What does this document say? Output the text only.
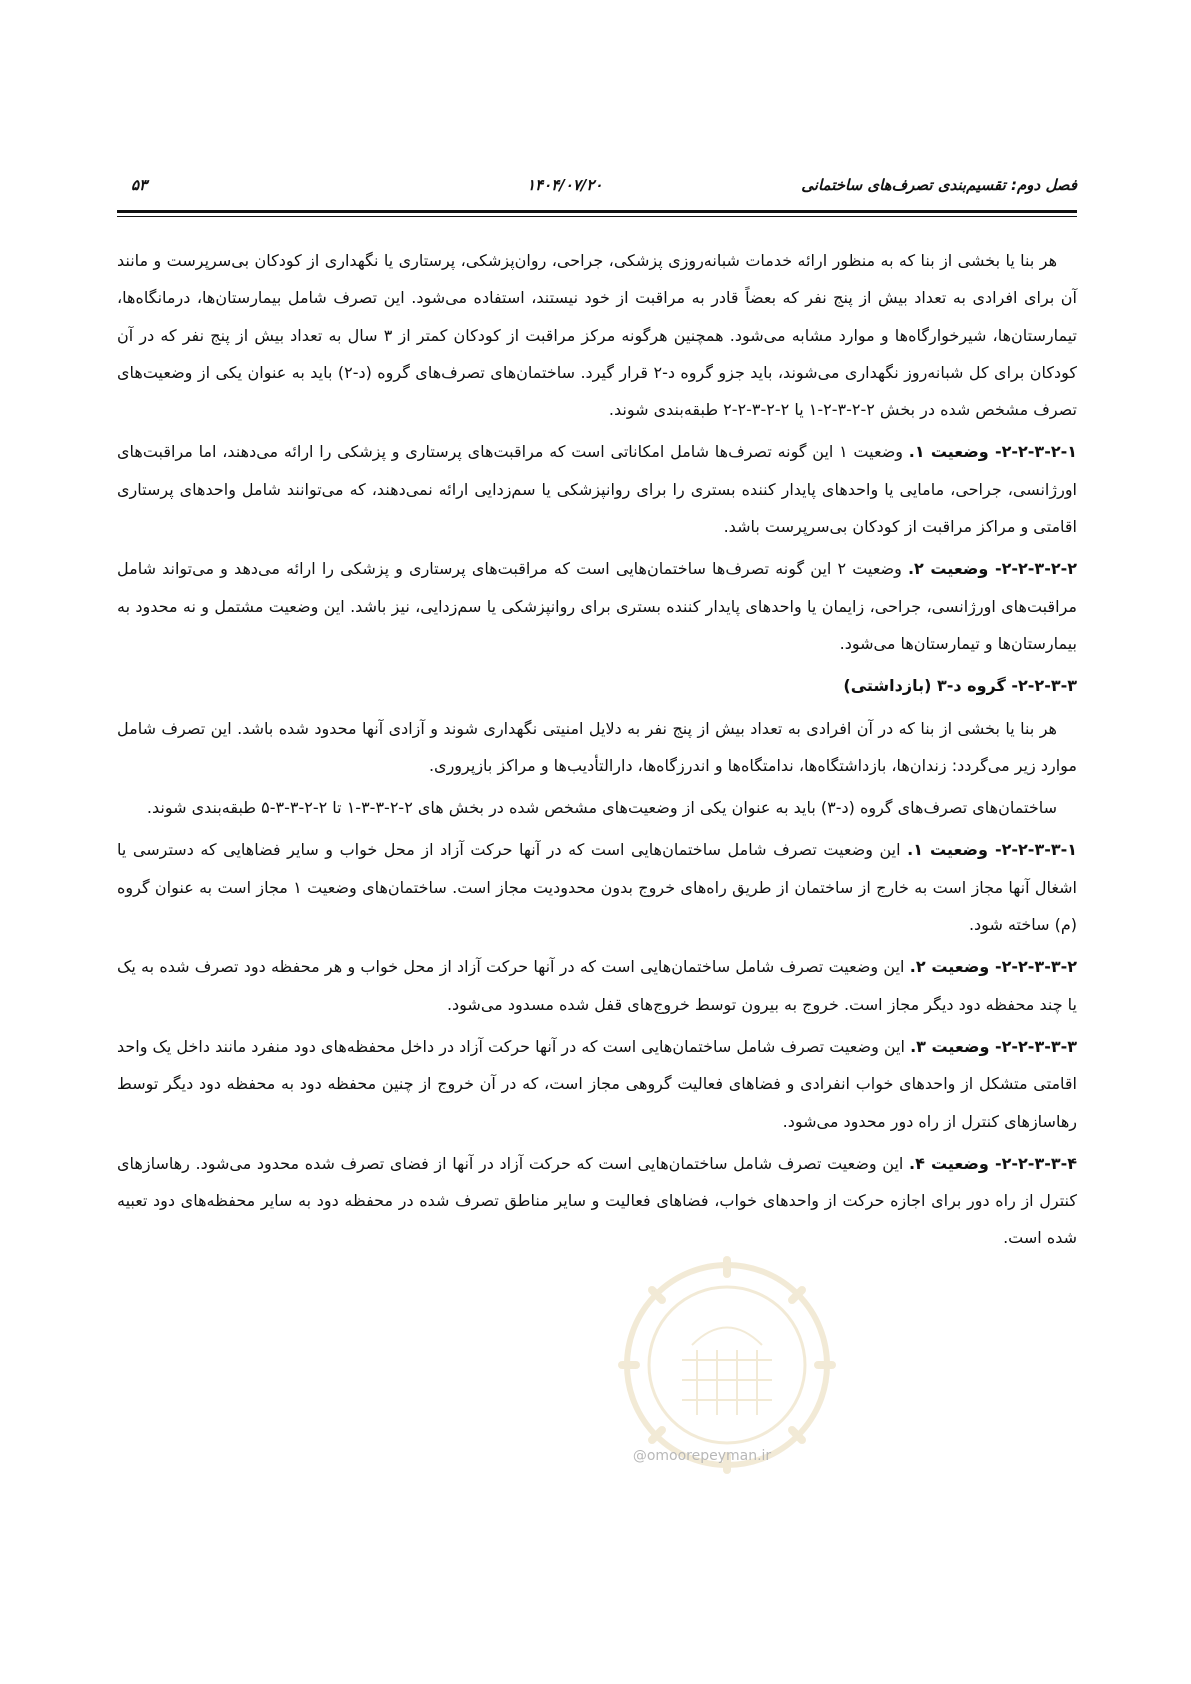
فصل دوم: تقسیم‌بندی تصرف‌های ساختمانی
۱۴۰۴/۰۷/۲۰
۵۳

هر بنا یا بخشی از بنا که به منظور ارائه خدمات شبانه‌روزی پزشکی، جراحی، روان‌پزشکی، پرستاری یا نگهداری از کودکان بی‌سرپرست و مانند آن برای افرادی به تعداد بیش از پنج نفر که بعضاً قادر به مراقبت از خود نیستند، استفاده می‌شود. این تصرف شامل بیمارستان‌ها، درمانگاه‌ها، تیمارستان‌ها، شیرخوارگاه‌ها و موارد مشابه می‌شود. همچنین هرگونه مرکز مراقبت از کودکان کمتر از ۳ سال به تعداد بیش از پنج نفر که در آن کودکان برای کل شبانه‌روز نگهداری می‌شوند، باید جزو گروه د‐۲ قرار گیرد. ساختمان‌های تصرف‌های گروه (د-۲) باید به عنوان یکی از وضعیت‌های تصرف مشخص شده در بخش ۲-۲-۳-۲-۱ یا ۲-۲-۳-۲-۲ طبقه‌بندی شوند.

۲-۲-۳-۲-۱- وضعیت ۱. وضعیت ۱ این گونه تصرف‌ها شامل امکاناتی است که مراقبت‌های پرستاری و پزشکی را ارائه می‌دهند، اما مراقبت‌های اورژانسی، جراحی، مامایی یا واحدهای پایدار کننده بستری را برای روانپزشکی یا سم‌زدایی ارائه نمی‌دهند، که می‌توانند شامل واحدهای پرستاری اقامتی و مراکز مراقبت از کودکان بی‌سرپرست باشد.

۲-۲-۳-۲-۲- وضعیت ۲. وضعیت ۲ این گونه تصرف‌ها ساختمان‌هایی است که مراقبت‌های پرستاری و پزشکی را ارائه می‌دهد و می‌تواند شامل مراقبت‌های اورژانسی، جراحی، زایمان یا واحدهای پایدار کننده بستری برای روانپزشکی یا سم‌زدایی، نیز باشد. این وضعیت مشتمل و نه محدود به بیمارستان‌ها و تیمارستان‌ها می‌شود.

۲-۲-۳-۳- گروه د-۳ (بازداشتی)

هر بنا یا بخشی از بنا که در آن افرادی به تعداد بیش از پنج نفر به دلایل امنیتی نگهداری شوند و آزادی آنها محدود شده باشد. این تصرف شامل موارد زیر می‌گردد: زندان‌ها، بازداشتگاه‌ها، ندامتگاه‌ها و اندرزگاه‌ها، دارالتأدیب‌ها و مراکز بازپروری.

ساختمان‌های تصرف‌های گروه (د-۳) باید به عنوان یکی از وضعیت‌های مشخص شده در بخش های ۲-۲-۳-۳-۱ تا ۲-۲-۳-۳-۵ طبقه‌بندی شوند.

۲-۲-۳-۳-۱- وضعیت ۱. این وضعیت تصرف شامل ساختمان‌هایی است که در آنها حرکت آزاد از محل خواب و سایر فضاهایی که دسترسی یا اشغال آنها مجاز است به خارج از ساختمان از طریق راه‌های خروج بدون محدودیت مجاز است. ساختمان‌های وضعیت ۱ مجاز است به عنوان گروه (م) ساخته شود.

۲-۲-۳-۳-۲- وضعیت ۲. این وضعیت تصرف شامل ساختمان‌هایی است که در آنها حرکت آزاد از محل خواب و هر محفظه دود تصرف شده به یک یا چند محفظه دود دیگر مجاز است. خروج به بیرون توسط خروج‌های قفل شده مسدود می‌شود.

۲-۲-۳-۳-۳- وضعیت ۳. این وضعیت تصرف شامل ساختمان‌هایی است که در آنها حرکت آزاد در داخل محفظه‌های دود منفرد مانند داخل یک واحد اقامتی متشکل از واحدهای خواب انفرادی و فضاهای فعالیت گروهی مجاز است، که در آن خروج از چنین محفظه دود به محفظه دود دیگر توسط رهاسازهای کنترل از راه دور محدود می‌شود.

۲-۲-۳-۳-۴- وضعیت ۴. این وضعیت تصرف شامل ساختمان‌هایی است که حرکت آزاد در آنها از فضای تصرف شده محدود می‌شود. رهاسازهای کنترل از راه دور برای اجازه حرکت از واحدهای خواب، فضاهای فعالیت و سایر مناطق تصرف شده در محفظه دود به سایر محفظه‌های دود تعبیه شده است.

@omoorepeyman.ir
